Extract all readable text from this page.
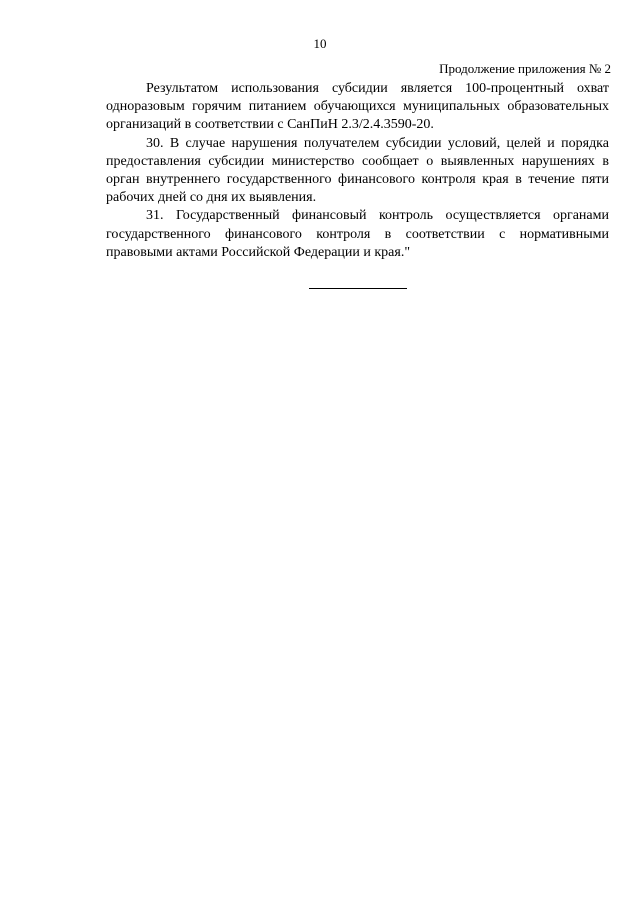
10
Продолжение приложения № 2

Результатом использования субсидии является 100-процентный охват одноразовым горячим питанием обучающихся муниципальных образовательных организаций в соответствии с СанПиН 2.3/2.4.3590-20.

30. В случае нарушения получателем субсидии условий, целей и порядка предоставления субсидии министерство сообщает о выявленных нарушениях в орган внутреннего государственного финансового контроля края в течение пяти рабочих дней со дня их выявления.

31. Государственный финансовый контроль осуществляется органами государственного финансового контроля в соответствии с нормативными правовыми актами Российской Федерации и края."
